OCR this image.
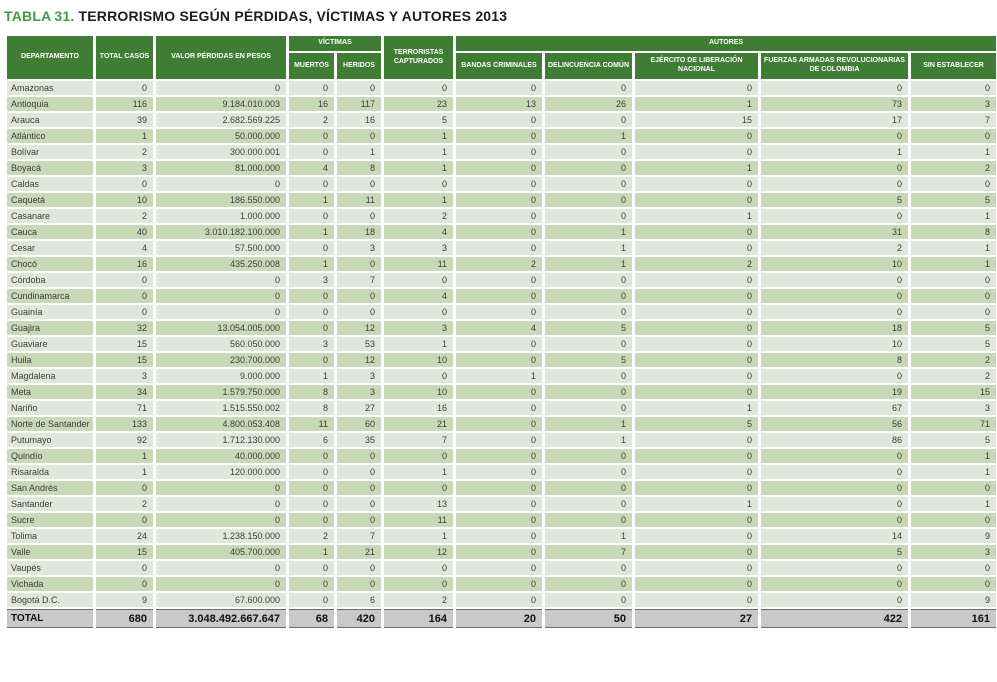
TABLA 31. TERRORISMO SEGÚN PÉRDIDAS, VÍCTIMAS Y AUTORES 2013
DEPARTAMENTO	TOTAL CASOS	VALOR PÉRDIDAS EN PESOS	VÍCTIMAS		TERRORISTAS CAPTURADOS	AUTORES				
			MUERTOS	HERIDOS		BANDAS CRIMINALES	DELINCUENCIA COMÚN	EJÉRCITO DE LIBERACIÓN NACIONAL	FUERZAS ARMADAS REVOLUCIONARIAS DE COLOMBIA	SIN ESTABLECER
Amazonas	0	0	0	0	0	0	0	0	0	0
Antioquia	116	9.184.010.003	16	117	23	13	26	1	73	3
Arauca	39	2.682.569.225	2	16	5	0	0	15	17	7
Atlántico	1	50.000.000	0	0	1	0	1	0	0	0
Bolívar	2	300.000.001	0	1	1	0	0	0	1	1
Boyacá	3	81.000.000	4	8	1	0	0	1	0	2
Caldas	0	0	0	0	0	0	0	0	0	0
Caquetá	10	186.550.000	1	11	1	0	0	0	5	5
Casanare	2	1.000.000	0	0	2	0	0	1	0	1
Cauca	40	3.010.182.100.000	1	18	4	0	1	0	31	8
Cesar	4	57.500.000	0	3	3	0	1	0	2	1
Chocó	16	435.250.008	1	0	11	2	1	2	10	1
Córdoba	0	0	3	7	0	0	0	0	0	0
Cundinamarca	0	0	0	0	4	0	0	0	0	0
Guainía	0	0	0	0	0	0	0	0	0	0
Guajira	32	13.054.005.000	0	12	3	4	5	0	18	5
Guaviare	15	560.050.000	3	53	1	0	0	0	10	5
Huila	15	230.700.000	0	12	10	0	5	0	8	2
Magdalena	3	9.000.000	1	3	0	1	0	0	0	2
Meta	34	1.579.750.000	8	3	10	0	0	0	19	15
Nariño	71	1.515.550.002	8	27	16	0	0	1	67	3
Norte de Santander	133	4.800.053.408	11	60	21	0	1	5	56	71
Putumayo	92	1.712.130.000	6	35	7	0	1	0	86	5
Quindío	1	40.000.000	0	0	0	0	0	0	0	1
Risaralda	1	120.000.000	0	0	1	0	0	0	0	1
San Andrés	0	0	0	0	0	0	0	0	0	0
Santander	2	0	0	0	13	0	0	1	0	1
Sucre	0	0	0	0	11	0	0	0	0	0
Tolima	24	1.238.150.000	2	7	1	0	1	0	14	9
Valle	15	405.700.000	1	21	12	0	7	0	5	3
Vaupés	0	0	0	0	0	0	0	0	0	0
Vichada	0	0	0	0	0	0	0	0	0	0
Bogotá D.C.	9	67.600.000	0	6	2	0	0	0	0	9
TOTAL	680	3.048.492.667.647	68	420	164	20	50	27	422	161
